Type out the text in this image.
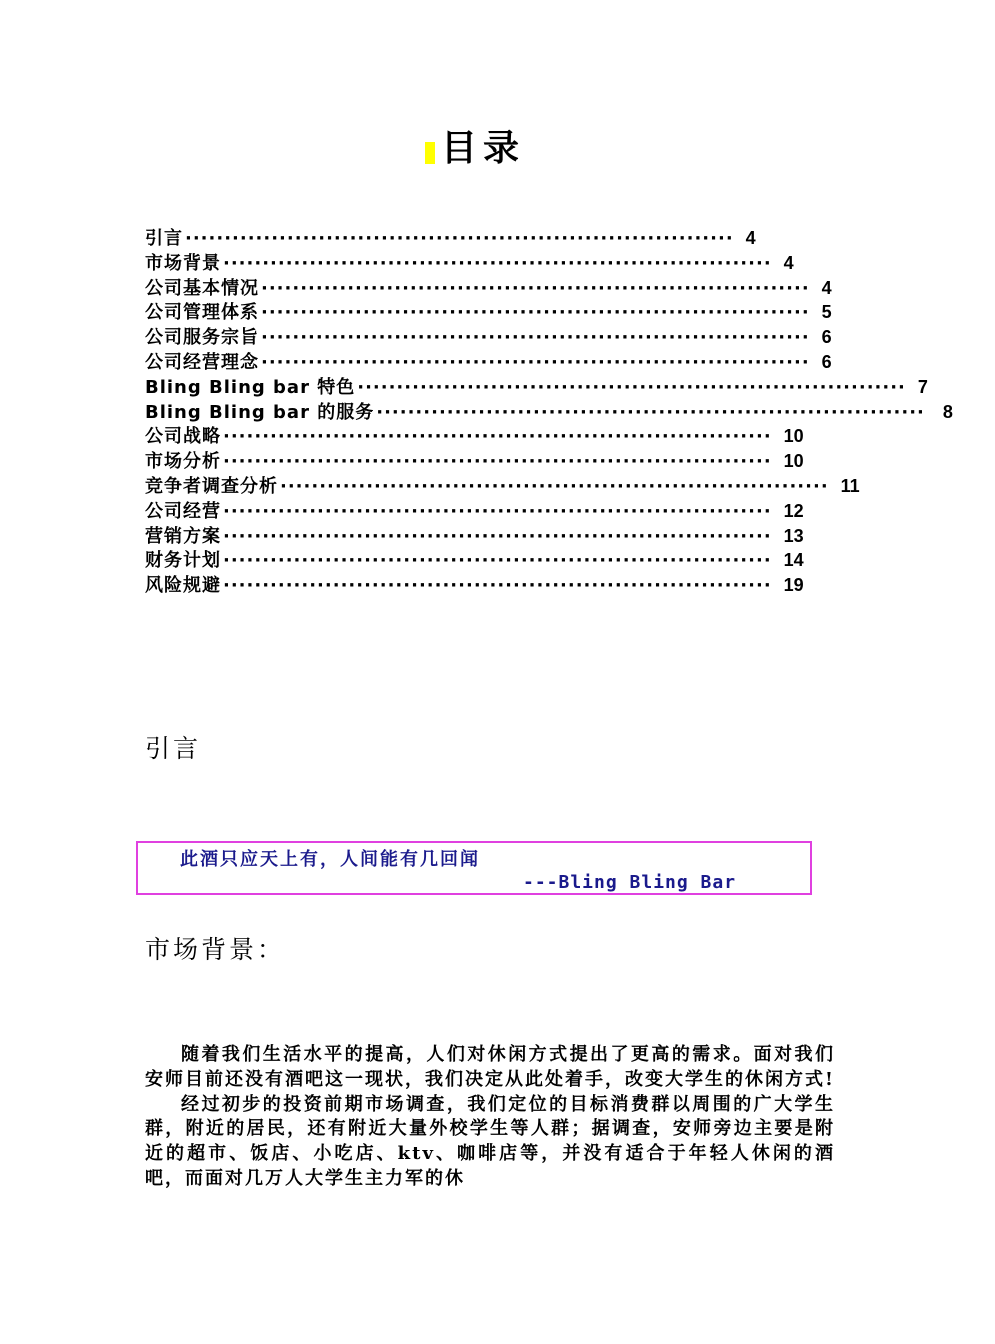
目录
引言 ······································································ 4
市场背景 ······································································ 4
公司基本情况 ······································································ 4
公司管理体系 ······································································ 5
公司服务宗旨 ······································································ 6
公司经营理念 ······································································ 6
Bling Bling bar 特色 ······································································ 7
Bling Bling bar 的服务 ······································································	8
公司战略 ······································································ 10
市场分析 ······································································ 10
竞争者调查分析 ······································································ 11
公司经营 ······································································ 12
营销方案 ······································································ 13
财务计划 ······································································ 14
风险规避 ······································································ 19
引言
此酒只应天上有，人间能有几回闻
---Bling Bling Bar
市场背景：

随着我们生活水平的提高，人们对休闲方式提出了更高的需求。面对我们安师目前还没有酒吧这一现状，我们决定从此处着手，改变大学生的休闲方式!

经过初步的投资前期市场调查，我们定位的目标消费群以周围的广大学生群，附近的居民，还有附近大量外校学生等人群；据调查，安师旁边主要是附近的超市、饭店、小吃店、ktv、咖啡店等，并没有适合于年轻人休闲的酒吧，而面对几万人大学生主力军的休
